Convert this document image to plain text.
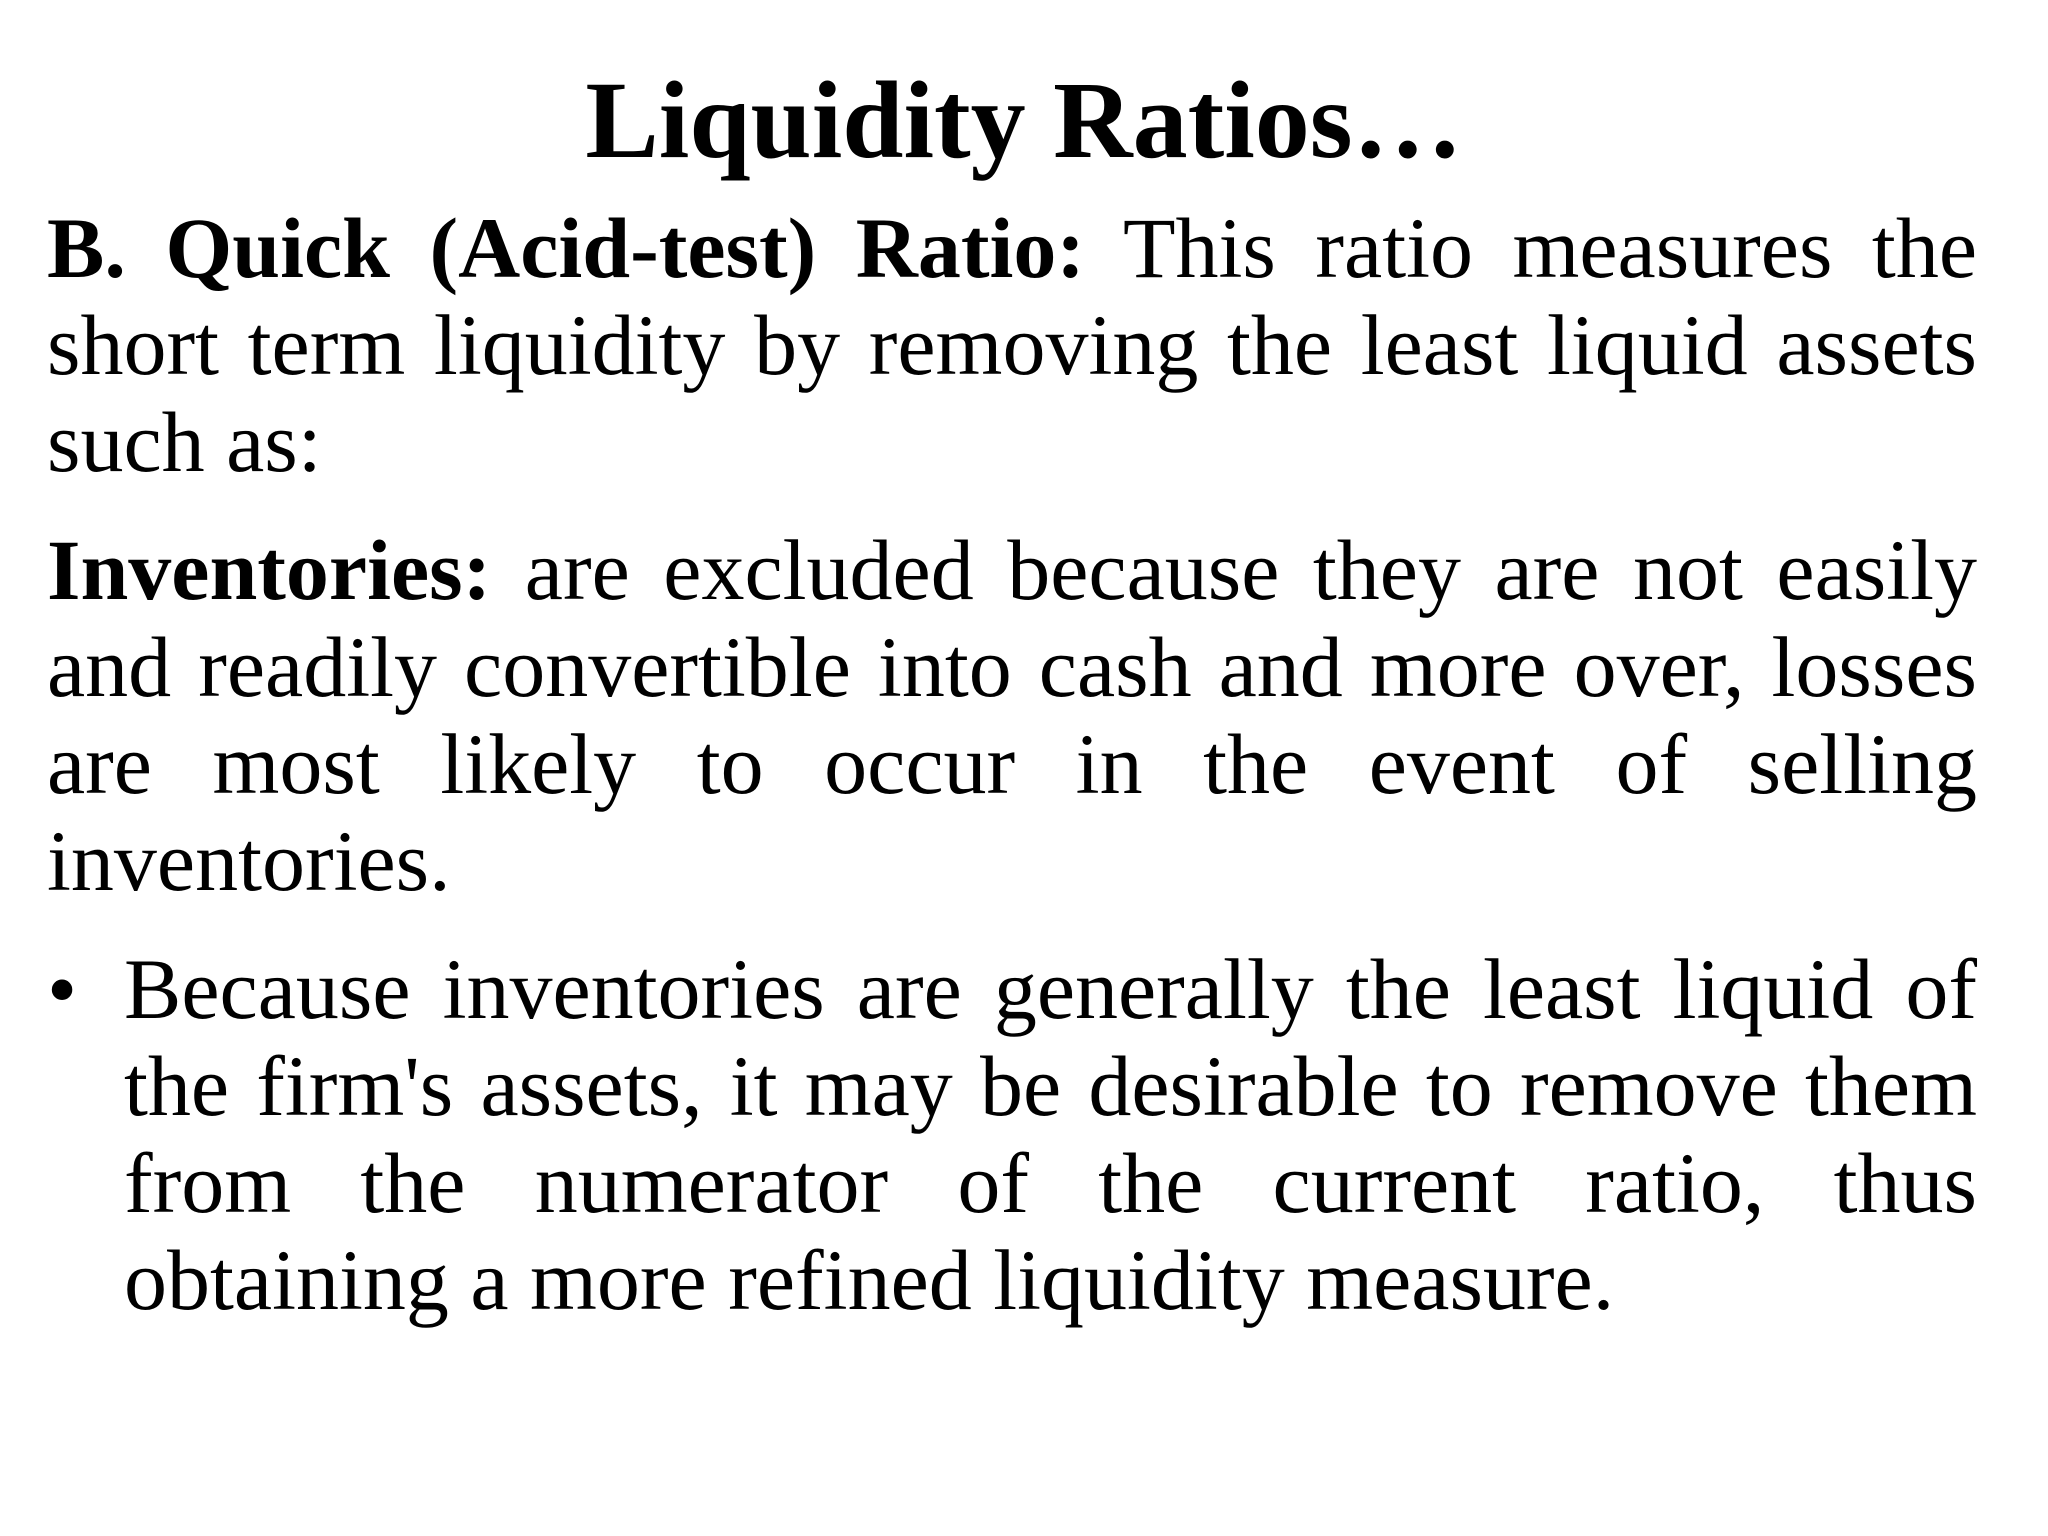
Liquidity Ratios…
B. Quick (Acid-test) Ratio: This ratio measures the short term liquidity by removing the least liquid assets such as:
Inventories: are excluded because they are not easily and readily convertible into cash and more over, losses are most likely to occur in the event of selling inventories.
• Because inventories are generally the least liquid of the firm's assets, it may be desirable to remove them from the numerator of the current ratio, thus obtaining a more refined liquidity measure.
